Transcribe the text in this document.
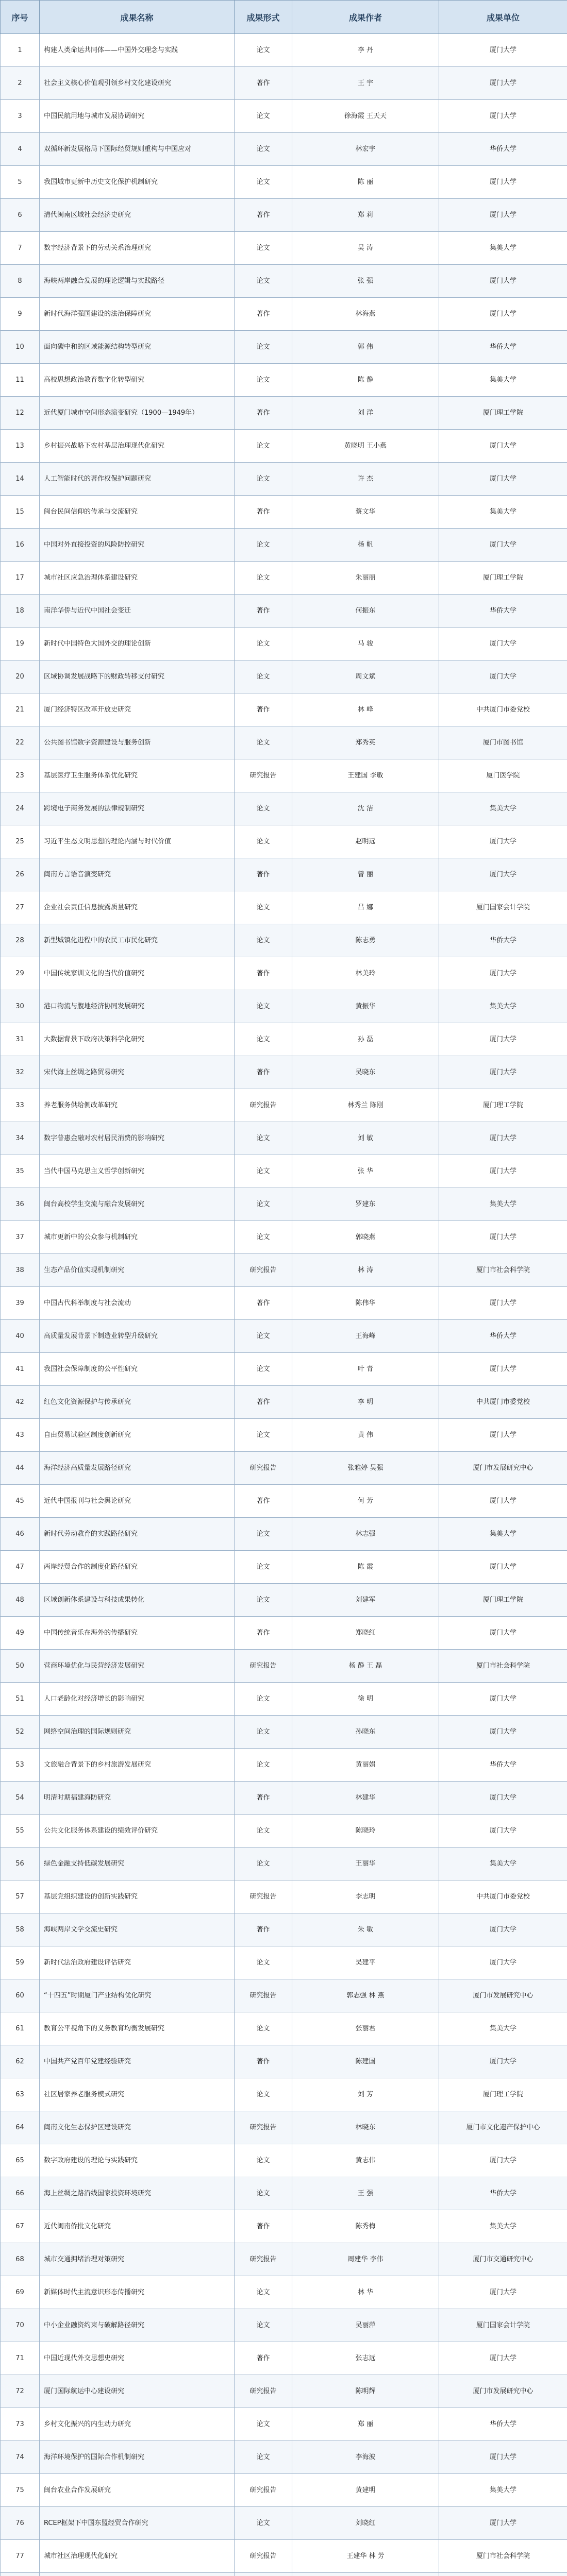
序号	成果名称	成果形式	成果作者	成果单位
1	构建人类命运共同体——中国外交理念与实践	论文	李 丹	厦门大学
2	社会主义核心价值观引领乡村文化建设研究	著作	王 宇	厦门大学
3	中国民航用地与城市发展协调研究	论文	徐海霞 王天天	厦门大学
4	双循环新发展格局下国际经贸规则重构与中国应对	论文	林宏宇	华侨大学
5	我国城市更新中历史文化保护机制研究	论文	陈 丽	厦门大学
6	清代闽南区域社会经济史研究	著作	郑 莉	厦门大学
7	数字经济背景下的劳动关系治理研究	论文	吴 涛	集美大学
8	海峡两岸融合发展的理论逻辑与实践路径	论文	张 强	厦门大学
9	新时代海洋强国建设的法治保障研究	著作	林海燕	厦门大学
10	面向碳中和的区域能源结构转型研究	论文	郭 伟	华侨大学
11	高校思想政治教育数字化转型研究	论文	陈 静	集美大学
12	近代厦门城市空间形态演变研究（1900—1949年）	著作	刘 洋	厦门理工学院
13	乡村振兴战略下农村基层治理现代化研究	论文	黄晓明 王小燕	厦门大学
14	人工智能时代的著作权保护问题研究	论文	许 杰	厦门大学
15	闽台民间信仰的传承与交流研究	著作	蔡文华	集美大学
16	中国对外直接投资的风险防控研究	论文	杨 帆	厦门大学
17	城市社区应急治理体系建设研究	论文	朱丽丽	厦门理工学院
18	南洋华侨与近代中国社会变迁	著作	何振东	华侨大学
19	新时代中国特色大国外交的理论创新	论文	马 骏	厦门大学
20	区域协调发展战略下的财政转移支付研究	论文	周文斌	厦门大学
21	厦门经济特区改革开放史研究	著作	林 峰	中共厦门市委党校
22	公共图书馆数字资源建设与服务创新	论文	郑秀英	厦门市图书馆
23	基层医疗卫生服务体系优化研究	研究报告	王建国 李敏	厦门医学院
24	跨境电子商务发展的法律规制研究	论文	沈 洁	集美大学
25	习近平生态文明思想的理论内涵与时代价值	论文	赵明远	厦门大学
26	闽南方言语音演变研究	著作	曾 丽	厦门大学
27	企业社会责任信息披露质量研究	论文	吕 娜	厦门国家会计学院
28	新型城镇化进程中的农民工市民化研究	论文	陈志勇	华侨大学
29	中国传统家训文化的当代价值研究	著作	林美玲	厦门大学
30	港口物流与腹地经济协同发展研究	论文	黄振华	集美大学
31	大数据背景下政府决策科学化研究	论文	孙 磊	厦门大学
32	宋代海上丝绸之路贸易研究	著作	吴晓东	厦门大学
33	养老服务供给侧改革研究	研究报告	林秀兰 陈刚	厦门理工学院
34	数字普惠金融对农村居民消费的影响研究	论文	刘 敏	厦门大学
35	当代中国马克思主义哲学创新研究	论文	张 华	厦门大学
36	闽台高校学生交流与融合发展研究	论文	罗建东	集美大学
37	城市更新中的公众参与机制研究	论文	郭晓燕	厦门大学
38	生态产品价值实现机制研究	研究报告	林 涛	厦门市社会科学院
39	中国古代科举制度与社会流动	著作	陈伟华	厦门大学
40	高质量发展背景下制造业转型升级研究	论文	王海峰	华侨大学
41	我国社会保障制度的公平性研究	论文	叶 青	厦门大学
42	红色文化资源保护与传承研究	著作	李 明	中共厦门市委党校
43	自由贸易试验区制度创新研究	论文	黄 伟	厦门大学
44	海洋经济高质量发展路径研究	研究报告	张雅婷 吴强	厦门市发展研究中心
45	近代中国报刊与社会舆论研究	著作	何 芳	厦门大学
46	新时代劳动教育的实践路径研究	论文	林志强	集美大学
47	两岸经贸合作的制度化路径研究	论文	陈 霞	厦门大学
48	区域创新体系建设与科技成果转化	论文	刘建军	厦门理工学院
49	中国传统音乐在海外的传播研究	著作	郑晓红	厦门大学
50	营商环境优化与民营经济发展研究	研究报告	杨 静 王 磊	厦门市社会科学院
51	人口老龄化对经济增长的影响研究	论文	徐 明	厦门大学
52	网络空间治理的国际规则研究	论文	孙晓东	厦门大学
53	文旅融合背景下的乡村旅游发展研究	论文	黄丽娟	华侨大学
54	明清时期福建海防研究	著作	林建华	厦门大学
55	公共文化服务体系建设的绩效评价研究	论文	陈晓玲	厦门大学
56	绿色金融支持低碳发展研究	论文	王丽华	集美大学
57	基层党组织建设的创新实践研究	研究报告	李志明	中共厦门市委党校
58	海峡两岸文学交流史研究	著作	朱 敏	厦门大学
59	新时代法治政府建设评估研究	论文	吴建平	厦门大学
60	“十四五”时期厦门产业结构优化研究	研究报告	郭志强 林 燕	厦门市发展研究中心
61	教育公平视角下的义务教育均衡发展研究	论文	张丽君	集美大学
62	中国共产党百年党建经验研究	著作	陈建国	厦门大学
63	社区居家养老服务模式研究	论文	刘 芳	厦门理工学院
64	闽南文化生态保护区建设研究	研究报告	林晓东	厦门市文化遗产保护中心
65	数字政府建设的理论与实践研究	论文	黄志伟	厦门大学
66	海上丝绸之路沿线国家投资环境研究	论文	王 强	华侨大学
67	近代闽南侨批文化研究	著作	陈秀梅	集美大学
68	城市交通拥堵治理对策研究	研究报告	周建华 李伟	厦门市交通研究中心
69	新媒体时代主流意识形态传播研究	论文	林 华	厦门大学
70	中小企业融资约束与破解路径研究	论文	吴丽萍	厦门国家会计学院
71	中国近现代外交思想史研究	著作	张志远	厦门大学
72	厦门国际航运中心建设研究	研究报告	陈明辉	厦门市发展研究中心
73	乡村文化振兴的内生动力研究	论文	郑 丽	华侨大学
74	海洋环境保护的国际合作机制研究	论文	李海波	厦门大学
75	闽台农业合作发展研究	研究报告	黄建明	集美大学
76	RCEP框架下中国东盟经贸合作研究	论文	刘晓红	厦门大学
77	城市社区治理现代化研究	研究报告	王建华 林 芳	厦门市社会科学院
